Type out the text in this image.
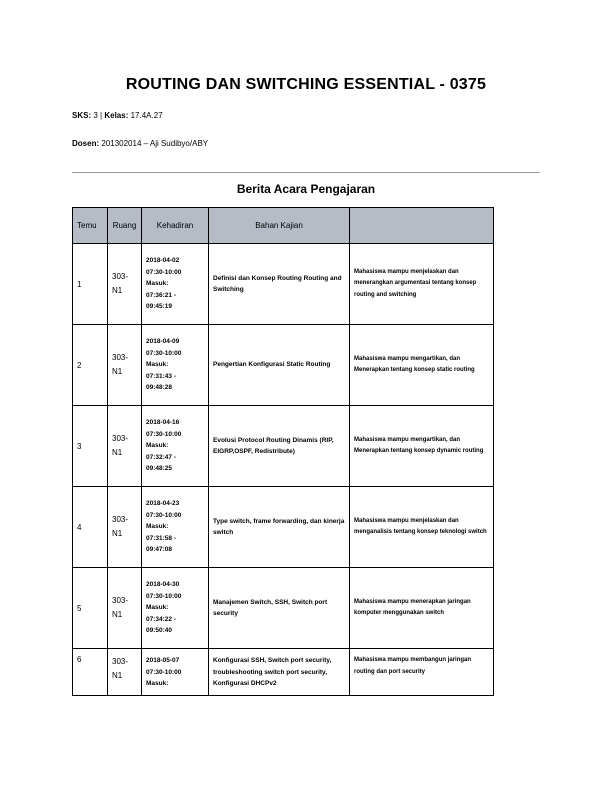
ROUTING DAN SWITCHING ESSENTIAL - 0375
SKS: 3 | Kelas: 17.4A.27
Dosen: 201302014 – Aji Sudibyo/ABY
Berita Acara Pengajaran
Temu	Ruang	Kehadiran	Bahan Kajian	
1	303-N1	2018-04-02
07:30-10:00
Masuk:
07:36:21 -
09:45:19	Definisi dan Konsep Routing Routing and Switching	Mahasiswa mampu menjelaskan dan menerangkan argumentasi tentang konsep routing and switching
2	303-N1	2018-04-09
07:30-10:00
Masuk:
07:31:43 -
09:48:28	Pengertian Konfigurasi Static Routing	Mahasiswa mampu mengartikan, dan Menerapkan tentang konsep static routing
3	303-N1	2018-04-16
07:30-10:00
Masuk:
07:32:47 -
09:48:25	Evolusi Protocol Routing Dinamis (RIP, EIGRP,OSPF, Redistribute)	Mahasiswa mampu mengartikan, dan Menerapkan tentang konsep dynamic routing
4	303-N1	2018-04-23
07:30-10:00
Masuk:
07:31:58 -
09:47:08	Type switch, frame forwarding, dan kinerja switch	Mahasiswa mampu menjelaskan dan menganalisis tentang konsep teknologi switch
5	303-N1	2018-04-30
07:30-10:00
Masuk:
07:34:22 -
09:50:40	Manajemen Switch, SSH, Switch port security	Mahasiswa mampu menerapkan jaringan komputer menggunakan switch
6	303-N1	2018-05-07
07:30-10:00
Masuk:	Konfigurasi SSH, Switch port security, troubleshooting switch port security, Konfigurasi DHCPv2	Mahasiswa mampu membangun jaringan routing dan port security
